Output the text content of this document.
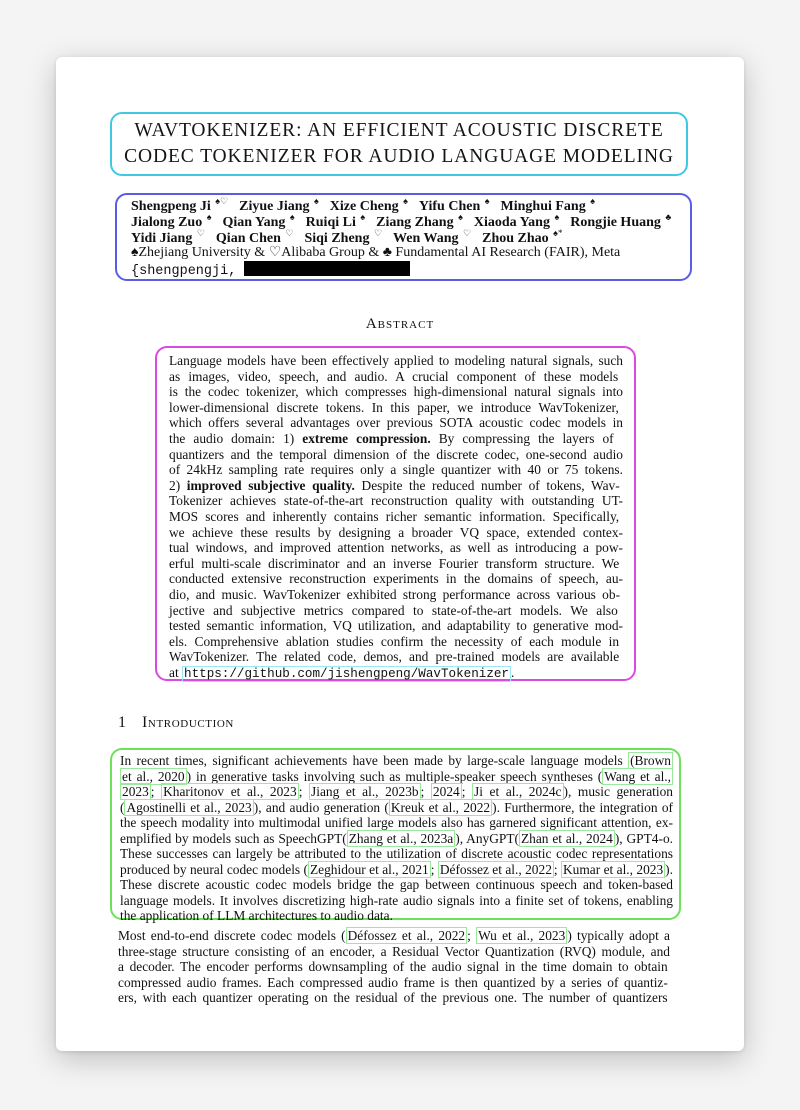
WAVTOKENIZER: AN EFFICIENT ACOUSTIC DISCRETE
CODEC TOKENIZER FOR AUDIO LANGUAGE MODELING
Shengpeng Ji ♠♡ Ziyue Jiang ♠ Xize Cheng ♠ Yifu Chen ♠ Minghui Fang ♠
Jialong Zuo ♠ Qian Yang ♠ Ruiqi Li ♠ Ziang Zhang ♠ Xiaoda Yang ♠ Rongjie Huang ♣
Yidi Jiang ♡ Qian Chen ♡ Siqi Zheng ♡ Wen Wang ♡ Zhou Zhao ♠*
♠Zhejiang University & ♡Alibaba Group & ♣ Fundamental AI Research (FAIR), Meta
{shengpengji,
Abstract
Language models have been effectively applied to modeling natural signals, such
as images, video, speech, and audio. A crucial component of these models
is the codec tokenizer, which compresses high-dimensional natural signals into
lower-dimensional discrete tokens. In this paper, we introduce WavTokenizer,
which offers several advantages over previous SOTA acoustic codec models in
the audio domain: 1) extreme compression. By compressing the layers of
quantizers and the temporal dimension of the discrete codec, one-second audio
of 24kHz sampling rate requires only a single quantizer with 40 or 75 tokens.
2) improved subjective quality. Despite the reduced number of tokens, Wav-
Tokenizer achieves state-of-the-art reconstruction quality with outstanding UT-
MOS scores and inherently contains richer semantic information. Specifically,
we achieve these results by designing a broader VQ space, extended contex-
tual windows, and improved attention networks, as well as introducing a pow-
erful multi-scale discriminator and an inverse Fourier transform structure. We
conducted extensive reconstruction experiments in the domains of speech, au-
dio, and music. WavTokenizer exhibited strong performance across various ob-
jective and subjective metrics compared to state-of-the-art models. We also
tested semantic information, VQ utilization, and adaptability to generative mod-
els. Comprehensive ablation studies confirm the necessity of each module in
WavTokenizer. The related code, demos, and pre-trained models are available
at https://github.com/jishengpeng/WavTokenizer .
1 Introduction
In recent times, significant achievements have been made by large-scale language models (Brown
et al., 2020 ) in generative tasks involving such as multiple-speaker speech syntheses ( Wang et al.,
2023 ; Kharitonov et al., 2023 ; Jiang et al., 2023b ; 2024 ; Ji et al., 2024c ), music generation
( Agostinelli et al., 2023 ), and audio generation ( Kreuk et al., 2022 ). Furthermore, the integration of
the speech modality into multimodal unified large models also has garnered significant attention, ex-
emplified by models such as SpeechGPT( Zhang et al., 2023a ), AnyGPT( Zhan et al., 2024 ), GPT4-o.
These successes can largely be attributed to the utilization of discrete acoustic codec representations
produced by neural codec models ( Zeghidour et al., 2021 ; Défossez et al., 2022 ; Kumar et al., 2023 ).
These discrete acoustic codec models bridge the gap between continuous speech and token-based
language models. It involves discretizing high-rate audio signals into a finite set of tokens, enabling
the application of LLM architectures to audio data.
Most end-to-end discrete codec models ( Défossez et al., 2022 ; Wu et al., 2023 ) typically adopt a
three-stage structure consisting of an encoder, a Residual Vector Quantization (RVQ) module, and
a decoder. The encoder performs downsampling of the audio signal in the time domain to obtain
compressed audio frames. Each compressed audio frame is then quantized by a series of quantiz-
ers, with each quantizer operating on the residual of the previous one. The number of quantizers
